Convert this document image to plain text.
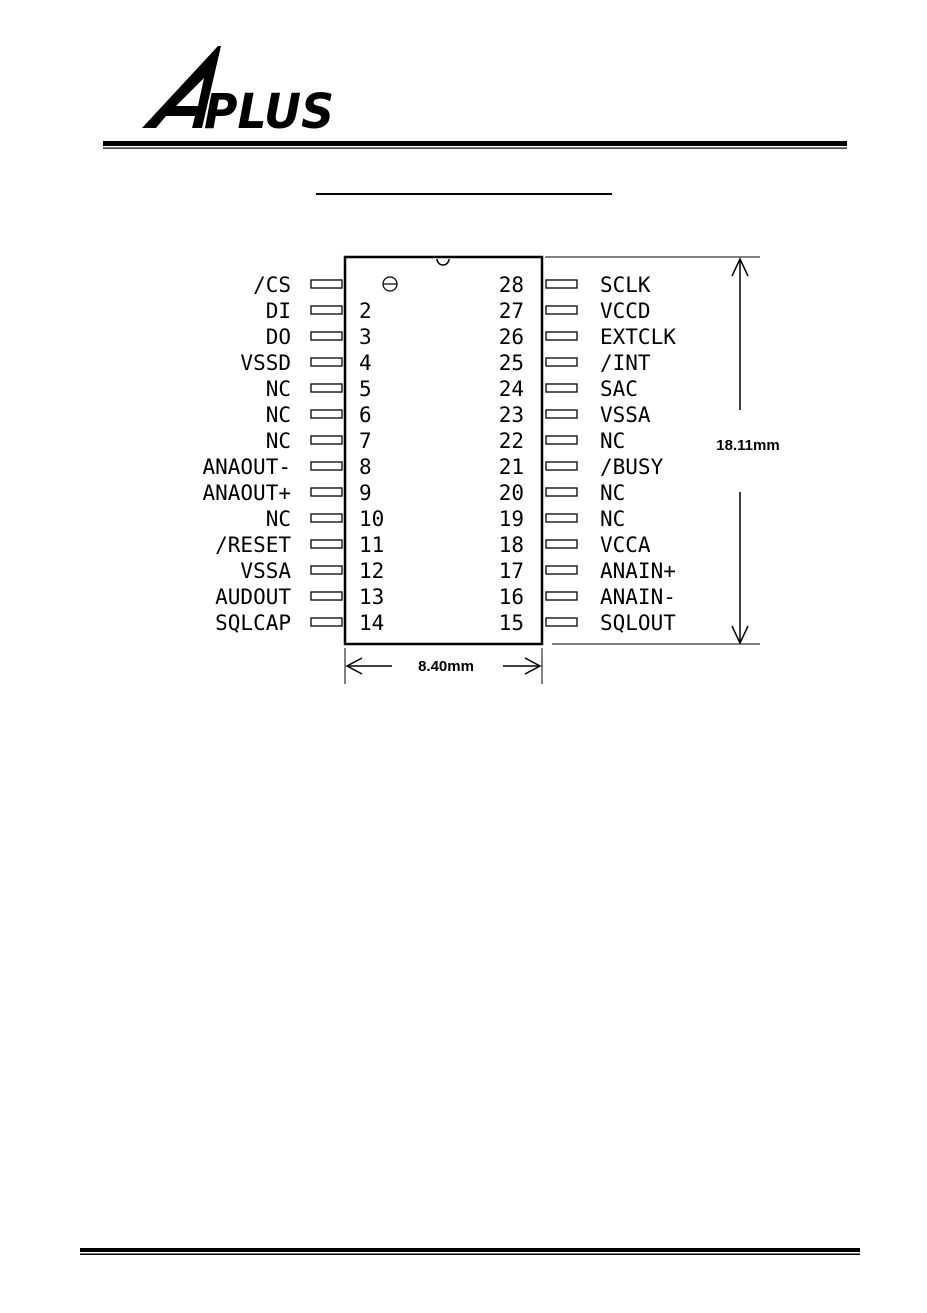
PLUS
/CS
DI	2
DO	3
VSSD	4
NC	5
NC	6
NC	7
ANAOUT-	8
ANAOUT+	9
NC	10
/RESET	11
VSSA	12
AUDOUT	13
SQLCAP	14
28	SCLK
27	VCCD
26	EXTCLK
25	/INT
24	SAC
23	VSSA
22	NC
21	/BUSY
20	NC
19	NC
18	VCCA
17	ANAIN+
16	ANAIN-
15	SQLOUT
18.11mm
8.40mm
